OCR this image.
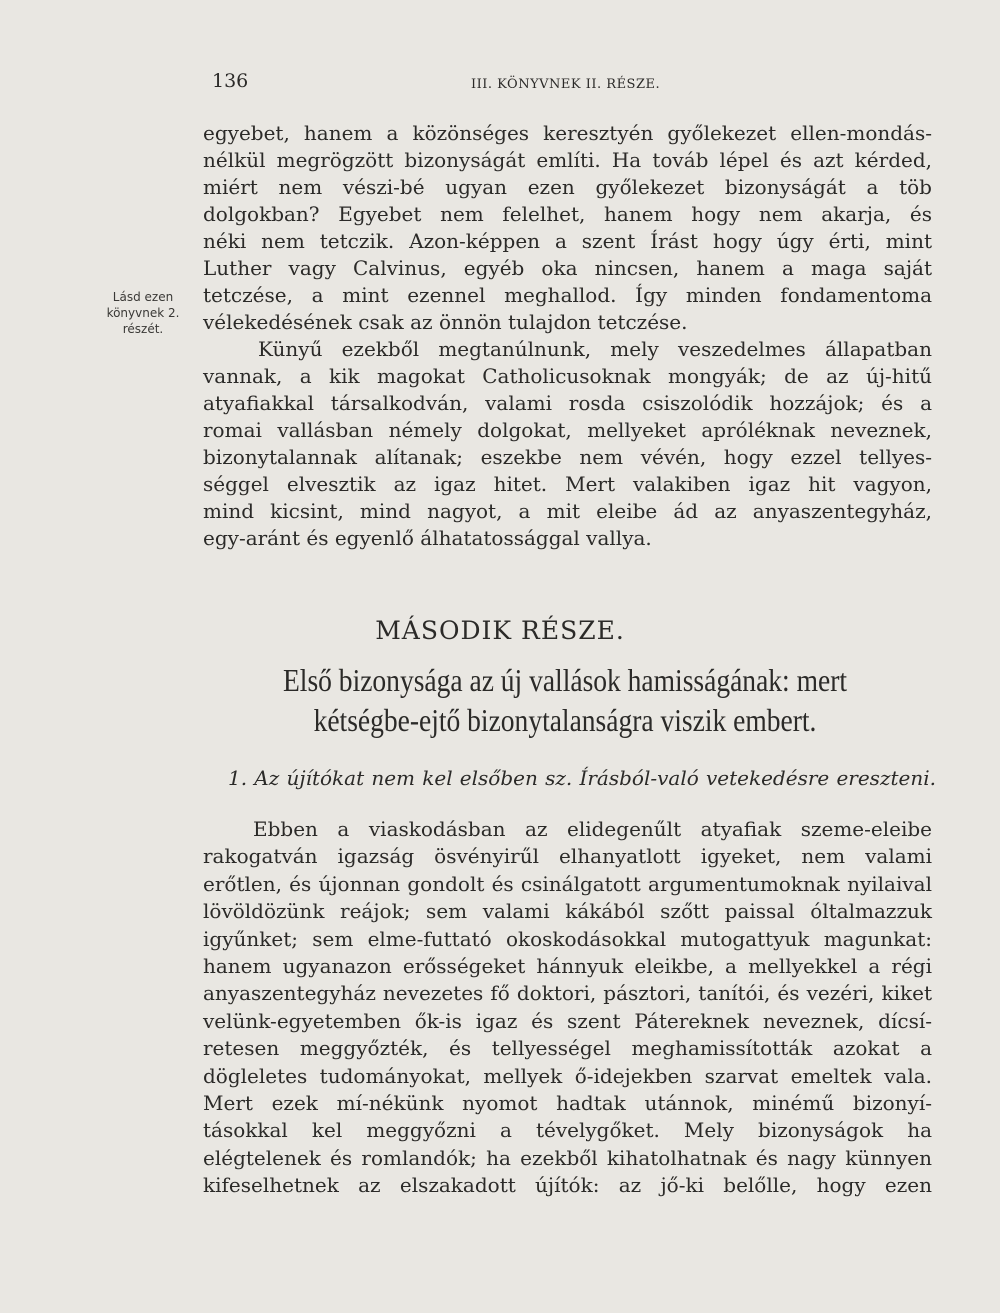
136	III. KÖNYVNEK II. RÉSZE.
Lásd ezen
könyvnek 2.
részét.
egyebet, hanem a közönséges keresztyén győlekezet ellen-mondás-
nélkül megrögzött bizonyságát említi. Ha továb lépel és azt kérded,
miért nem vészi-bé ugyan ezen győlekezet bizonyságát a töb
dolgokban? Egyebet nem felelhet, hanem hogy nem akarja, és
néki nem tetczik. Azon-képpen a szent Írást hogy úgy érti, mint
Luther vagy Calvinus, egyéb oka nincsen, hanem a maga saját
tetczése, a mint ezennel meghallod. Így minden fondamentoma
vélekedésének csak az önnön tulajdon tetczése.
Künyű ezekből megtanúlnunk, mely veszedelmes állapatban
vannak, a kik magokat Catholicusoknak mongyák; de az új-hitű
atyafiakkal társalkodván, valami rosda csiszolódik hozzájok; és a
romai vallásban némely dolgokat, mellyeket apróléknak neveznek,
bizonytalannak alítanak; eszekbe nem vévén, hogy ezzel tellyes-
séggel elvesztik az igaz hitet. Mert valakiben igaz hit vagyon,
mind kicsint, mind nagyot, a mit eleibe ád az anyaszentegyház,
egy-aránt és egyenlő álhatatossággal vallya.
MÁSODIK RÉSZE.
Első bizonysága az új vallások hamisságának: mert
kétségbe-ejtő bizonytalanságra viszik embert.
1. Az újítókat nem kel elsőben sz. Írásból-való vetekedésre ereszteni.
Ebben a viaskodásban az elidegenűlt atyafiak szeme-eleibe
rakogatván igazság ösvényirűl elhanyatlott igyeket, nem valami
erőtlen, és újonnan gondolt és csinálgatott argumentumoknak nyilaival
lövöldözünk reájok; sem valami kákából szőtt paissal óltalmazzuk
igyűnket; sem elme-futtató okoskodásokkal mutogattyuk magunkat:
hanem ugyanazon erősségeket hánnyuk eleikbe, a mellyekkel a régi
anyaszentegyház nevezetes fő doktori, pásztori, tanítói, és vezéri, kiket
velünk-egyetemben ők-is igaz és szent Pátereknek neveznek, dícsí-
retesen meggyőzték, és tellyességel meghamissították azokat a
dögleletes tudományokat, mellyek ő-idejekben szarvat emeltek vala.
Mert ezek mí-nékünk nyomot hadtak utánnok, minémű bizonyí-
tásokkal kel meggyőzni a tévelygőket. Mely bizonyságok ha
elégtelenek és romlandók; ha ezekből kihatolhatnak és nagy künnyen
kifeselhetnek az elszakadott újítók: az jő-ki belőlle, hogy ezen
